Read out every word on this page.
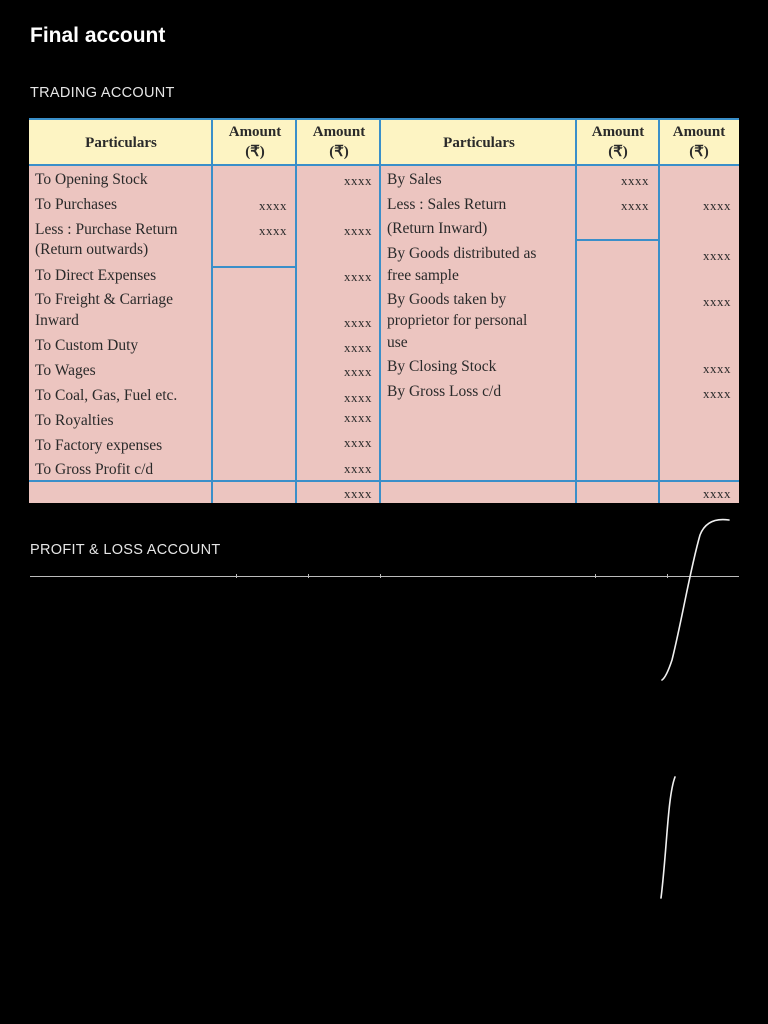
Final account
TRADING ACCOUNT
Particulars
Amount
(₹)
Amount
(₹)
Particulars
Amount
(₹)
Amount
(₹)
To Opening Stock
To Purchases
Less : Purchase Return
(Return outwards)
To Direct Expenses
To Freight & Carriage
Inward
To Custom Duty
To Wages
To Coal, Gas, Fuel etc.
To Royalties
To Factory expenses
To Gross Profit c/d
xxxx
xxxx
xxxx
xxxx
xxxx
xxxx
xxxx
xxxx
xxxx
xxxx
xxxx
xxxx
xxxx
By Sales
Less : Sales Return
(Return Inward)
By Goods distributed as
free sample
By Goods taken by
proprietor for personal
use
By Closing Stock
By Gross Loss c/d
xxxx
xxxx	xxxx
xxxx
xxxx
xxxx
xxxx
xxxx
PROFIT & LOSS ACCOUNT
